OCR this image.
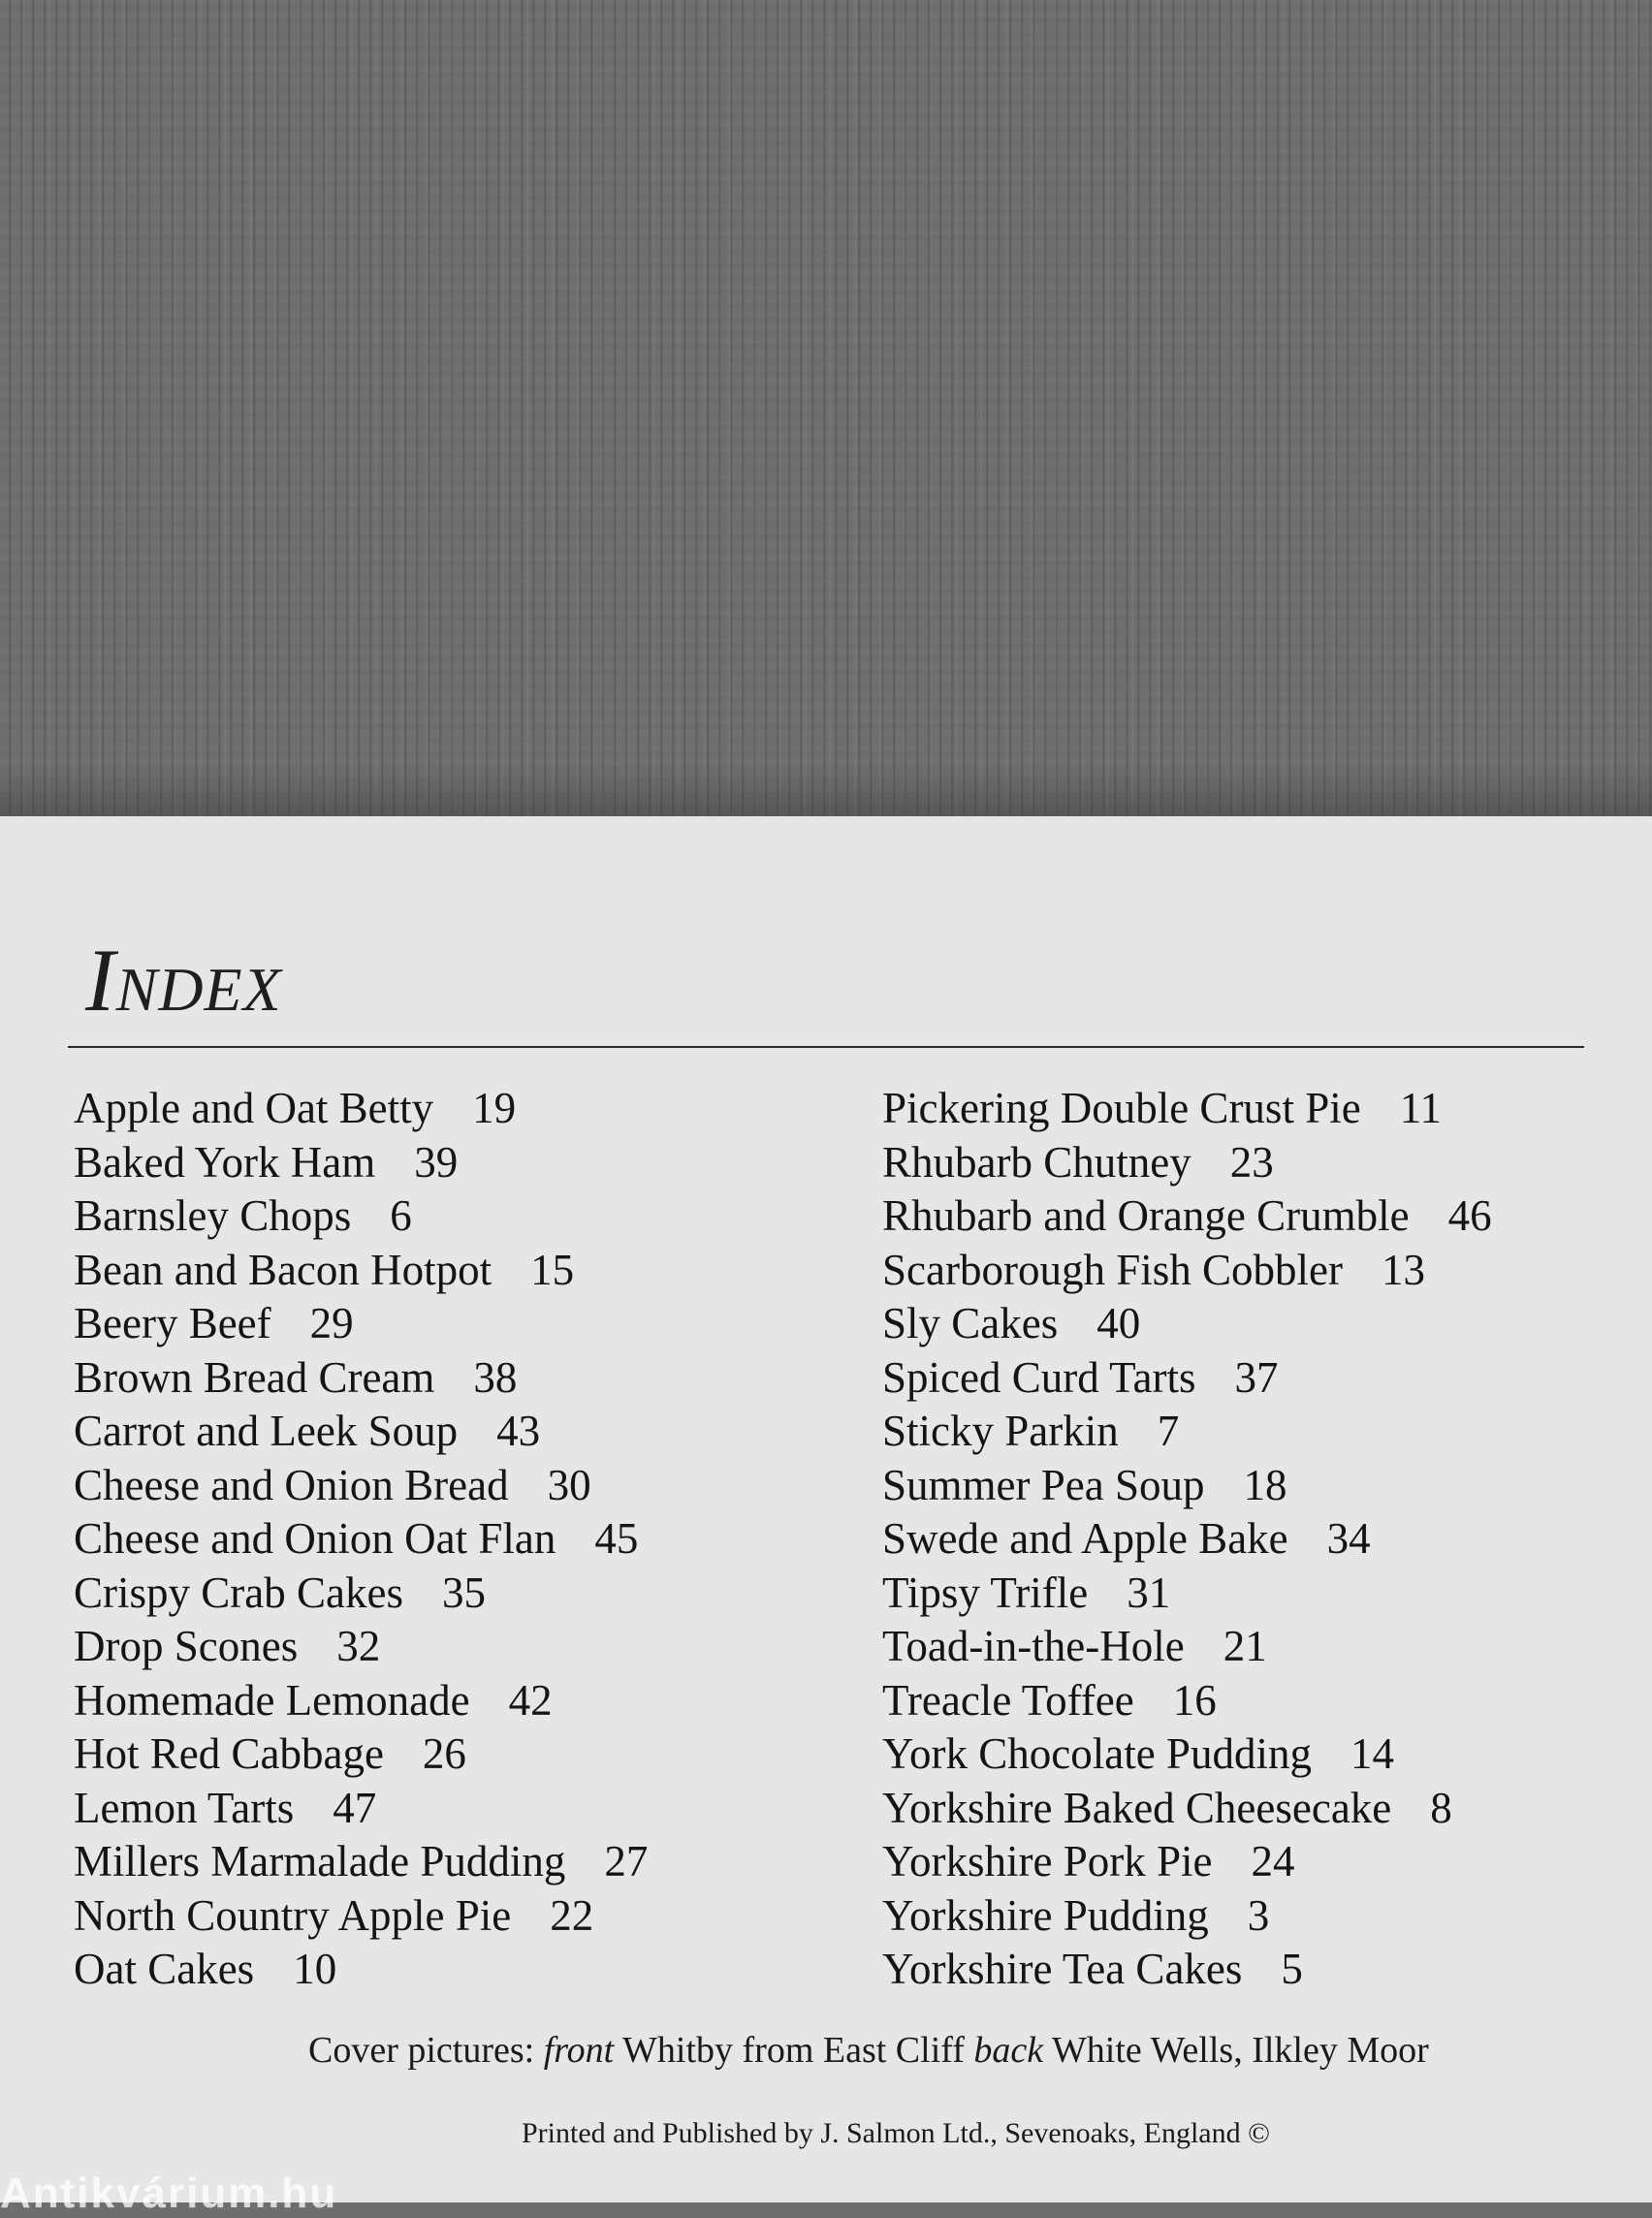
Index
Apple and Oat Betty 19
Baked York Ham 39
Barnsley Chops 6
Bean and Bacon Hotpot 15
Beery Beef 29
Brown Bread Cream 38
Carrot and Leek Soup 43
Cheese and Onion Bread 30
Cheese and Onion Oat Flan 45
Crispy Crab Cakes 35
Drop Scones 32
Homemade Lemonade 42
Hot Red Cabbage 26
Lemon Tarts 47
Millers Marmalade Pudding 27
North Country Apple Pie 22
Oat Cakes 10
Pickering Double Crust Pie 11
Rhubarb Chutney 23
Rhubarb and Orange Crumble 46
Scarborough Fish Cobbler 13
Sly Cakes 40
Spiced Curd Tarts 37
Sticky Parkin 7
Summer Pea Soup 18
Swede and Apple Bake 34
Tipsy Trifle 31
Toad-in-the-Hole 21
Treacle Toffee 16
York Chocolate Pudding 14
Yorkshire Baked Cheesecake 8
Yorkshire Pork Pie 24
Yorkshire Pudding 3
Yorkshire Tea Cakes 5
Cover pictures: front Whitby from East Cliff back White Wells, Ilkley Moor
Printed and Published by J. Salmon Ltd., Sevenoaks, England ©
Antikvárium.hu
